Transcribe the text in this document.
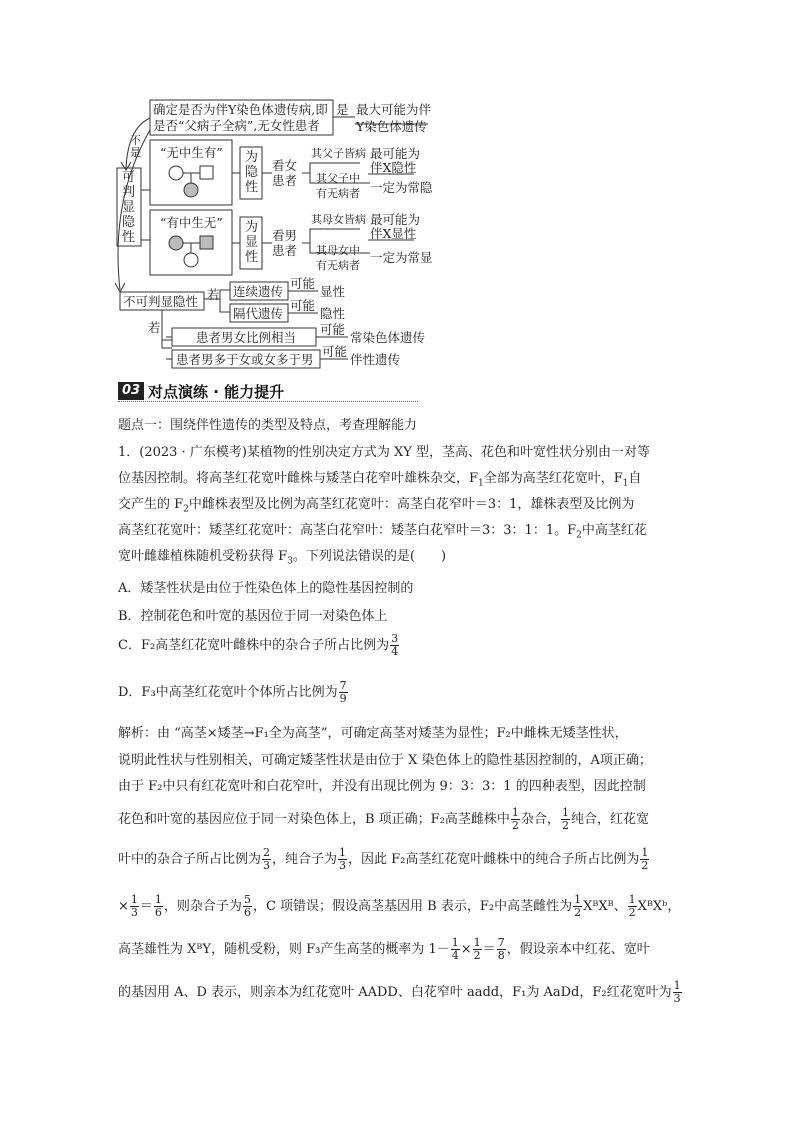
确定是否为伴Y染色体遗传病,即
是否“父病子全病”,无女性患者
是 最大可能为伴
Y染色体遗传
不是
可判显隐性
“无中生有” 为隐性
看女患者
其父子皆病 最可能为
伴X隐性
其父子中
有无病者 一定为常隐
“有中生无” 为显性
看男患者
其母女皆病 最可能为
伴X显性
其母女中
有无病者
一定为常显
不可判显隐性 若 连续遗传
可能
显性
隔代遗传
可能
隐性
若
患者男女比例相当
可能
常染色体遗传
患者男多于女或女多于男
可能
伴性遗传
03 对点演练 · 能力提升
题点一：围绕伴性遗传的类型及特点，考查理解能力
1．(2023 · 广东模考)某植物的性别决定方式为 XY 型，茎高、花色和叶宽性状分别由一对等
位基因控制。将高茎红花宽叶雌株与矮茎白花窄叶雄株杂交，$F_1$全部为高茎红花宽叶，$F_1$自
交产生的 $F_2$中雌株表型及比例为高茎红花宽叶：高茎白花窄叶＝3：1，雄株表型及比例为
高茎红花宽叶：矮茎红花宽叶：高茎白花窄叶：矮茎白花窄叶＝3：3：1：1。$F_2$中高茎红花
宽叶雌雄植株随机受粉获得 $F_3$。下列说法错误的是(　　)
A．矮茎性状是由位于性染色体上的隐性基因控制的
B．控制花色和叶宽的基因位于同一对染色体上
C．F₂高茎红花宽叶雌株中的杂合子所占比例为 $\frac{3}{4}$
D．F₃中高茎红花宽叶个体所占比例为 $\frac{7}{9}$
解析：由 “高茎×矮茎→F₁全为高茎”，可确定高茎对矮茎为显性；F₂中雌株无矮茎性状，
说明此性状与性别相关，可确定矮茎性状是由位于 X 染色体上的隐性基因控制的，A项正确；
由于 F₂中只有红花宽叶和白花窄叶，并没有出现比例为 9：3：3：1 的四种表型，因此控制
花色和叶宽的基因应位于同一对染色体上，B 项正确；F₂高茎雌株中 $\frac{1}{2}$ 杂合， $\frac{1}{2}$ 纯合，红花宽
叶中的杂合子所占比例为 $\frac{2}{3}$ ，纯合子为 $\frac{1}{3}$ ，因此 F₂高茎红花宽叶雌株中的纯合子所占比例为 $\frac{1}{2}$
× $\frac{1}{3} = \frac{1}{6}$ ，则杂合子为 $\frac{5}{6}$ ，C 项错误；假设高茎基因用 B 表示，F₂中高茎雌性为 $\frac{1}{2}$ XᴮXᴮ、 $\frac{1}{2}$ XᴮXᵇ，
高茎雄性为 XᴮY，随机受粉，则 F₃产生高茎的概率为 $1- \frac{1}{4} \times \frac{1}{2} = \frac{7}{8}$ ，假设亲本中红花、宽叶
的基因用 A、D 表示，则亲本为红花宽叶 AADD、白花窄叶 aadd，F₁为 AaDd，F₂红花宽叶为 $\frac{1}{3}$
